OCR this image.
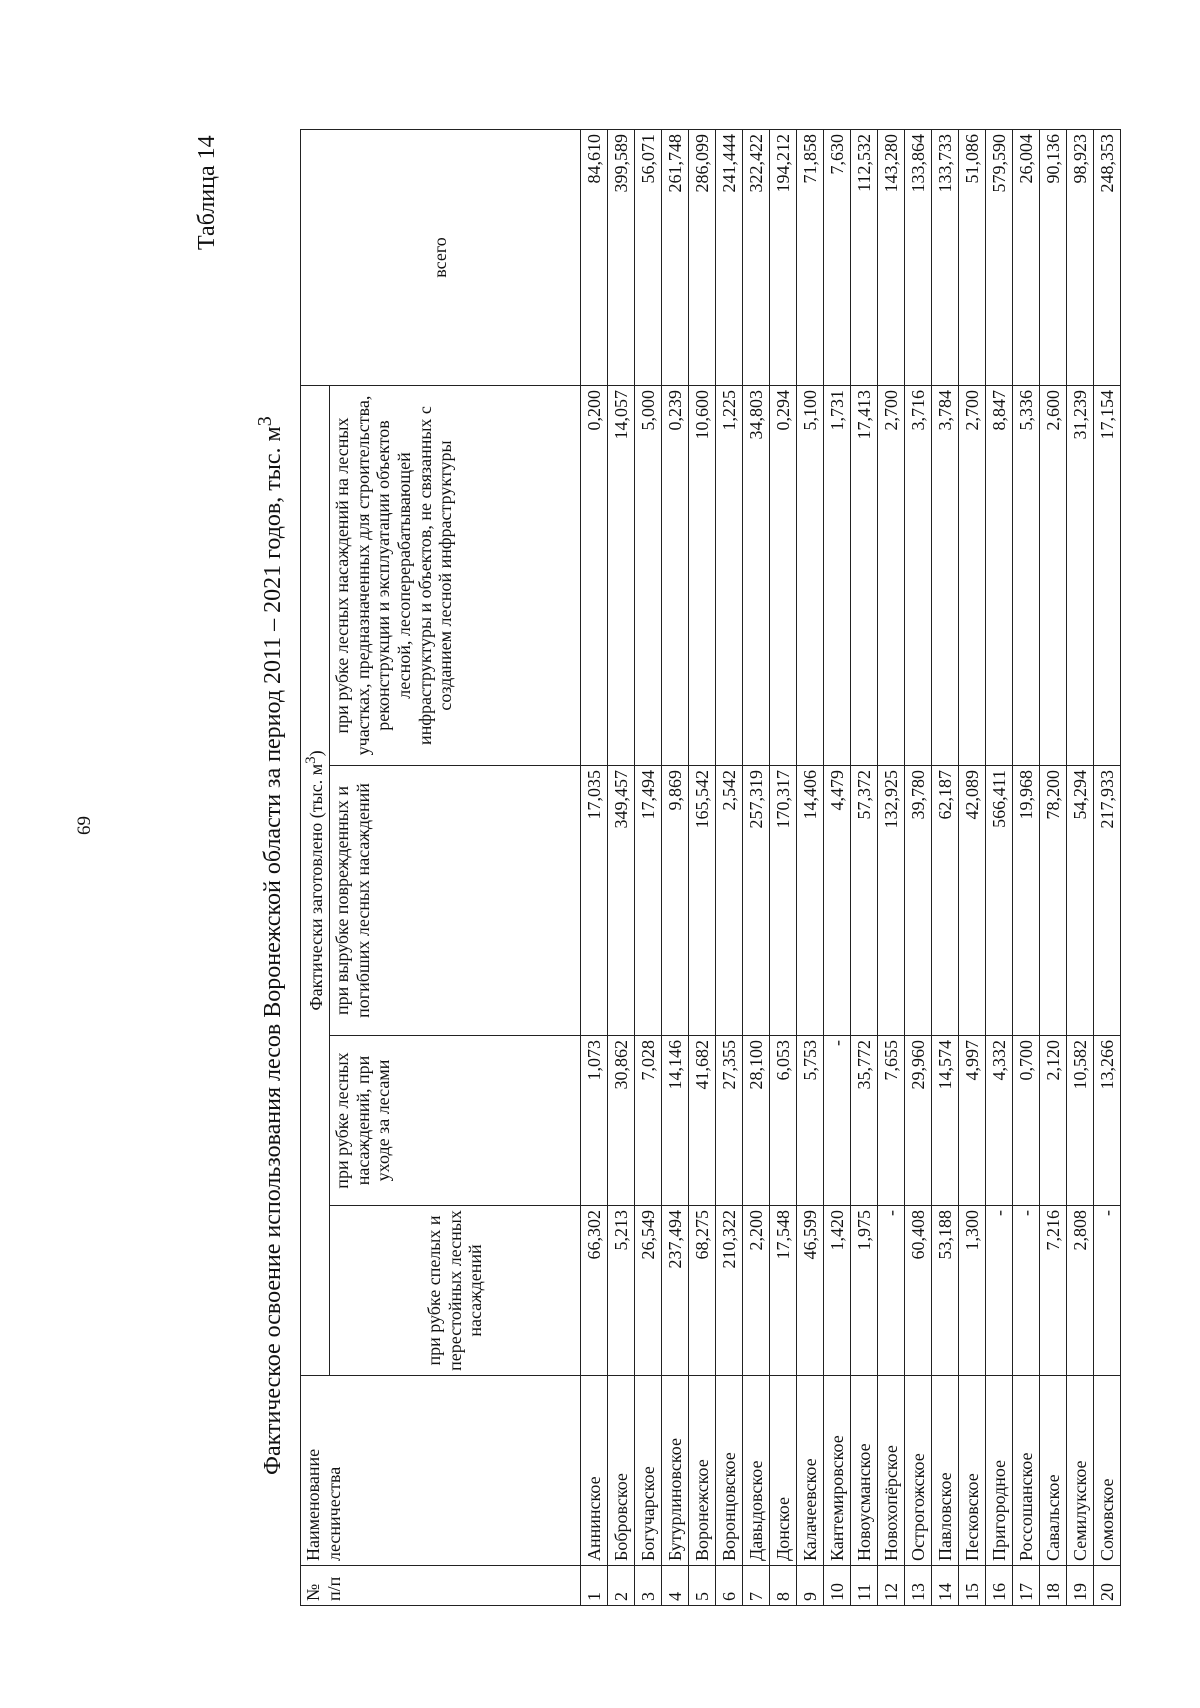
69
Таблица 14
Фактическое освоение использования лесов Воронежской области за период 2011 – 2021 годов, тыс. $м^3$
№ п/п	Наименование лесничества	Фактически заготовлено (тыс. $м^3$)				всего
		при рубке спелых и перестойных лесных насаждений	при рубке лесных насаждений, при уходе за лесами	при вырубке поврежденных и погибших лесных насаждений	при рубке лесных насаждений на лесных участках, предназначенных для строительства, реконструкции и эксплуатации объектов лесной, лесоперерабатывающей инфраструктуры и объектов, не связанных с созданием лесной инфраструктуры	
1	Аннинское	66,302	1,073	17,035	0,200	84,610
2	Бобровское	5,213	30,862	349,457	14,057	399,589
3	Богучарское	26,549	7,028	17,494	5,000	56,071
4	Бутурлиновское	237,494	14,146	9,869	0,239	261,748
5	Воронежское	68,275	41,682	165,542	10,600	286,099
6	Воронцовское	210,322	27,355	2,542	1,225	241,444
7	Давыдовское	2,200	28,100	257,319	34,803	322,422
8	Донское	17,548	6,053	170,317	0,294	194,212
9	Калачеевское	46,599	5,753	14,406	5,100	71,858
10	Кантемировское	1,420	-	4,479	1,731	7,630
11	Новоусманское	1,975	35,772	57,372	17,413	112,532
12	Новохопёрское	-	7,655	132,925	2,700	143,280
13	Острогожское	60,408	29,960	39,780	3,716	133,864
14	Павловское	53,188	14,574	62,187	3,784	133,733
15	Песковское	1,300	4,997	42,089	2,700	51,086
16	Пригородное	-	4,332	566,411	8,847	579,590
17	Россошанское	-	0,700	19,968	5,336	26,004
18	Савальское	7,216	2,120	78,200	2,600	90,136
19	Семилукское	2,808	10,582	54,294	31,239	98,923
20	Сомовское	-	13,266	217,933	17,154	248,353
